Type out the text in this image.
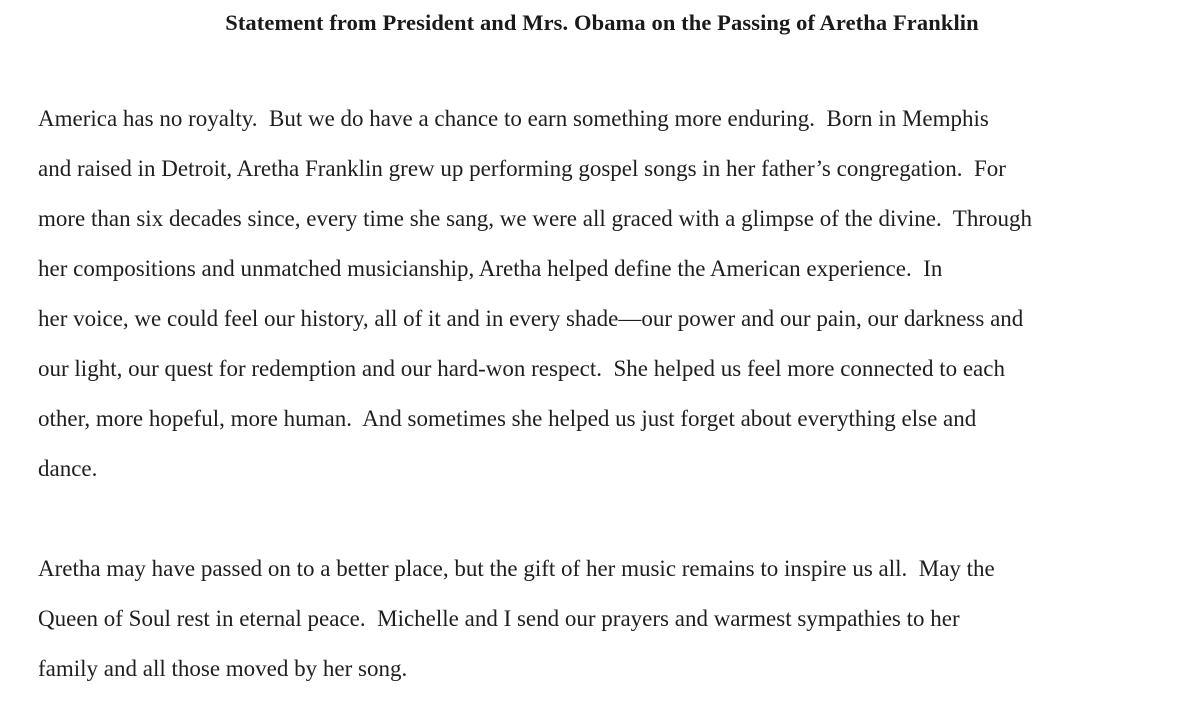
Statement from President and Mrs. Obama on the Passing of Aretha Franklin
America has no royalty.  But we do have a chance to earn something more enduring.  Born in Memphis
and raised in Detroit, Aretha Franklin grew up performing gospel songs in her father’s congregation.  For
more than six decades since, every time she sang, we were all graced with a glimpse of the divine.  Through
her compositions and unmatched musicianship, Aretha helped define the American experience.  In
her voice, we could feel our history, all of it and in every shade—our power and our pain, our darkness and
our light, our quest for redemption and our hard-won respect.  She helped us feel more connected to each
other, more hopeful, more human.  And sometimes she helped us just forget about everything else and
dance.
Aretha may have passed on to a better place, but the gift of her music remains to inspire us all.  May the
Queen of Soul rest in eternal peace.  Michelle and I send our prayers and warmest sympathies to her
family and all those moved by her song.
